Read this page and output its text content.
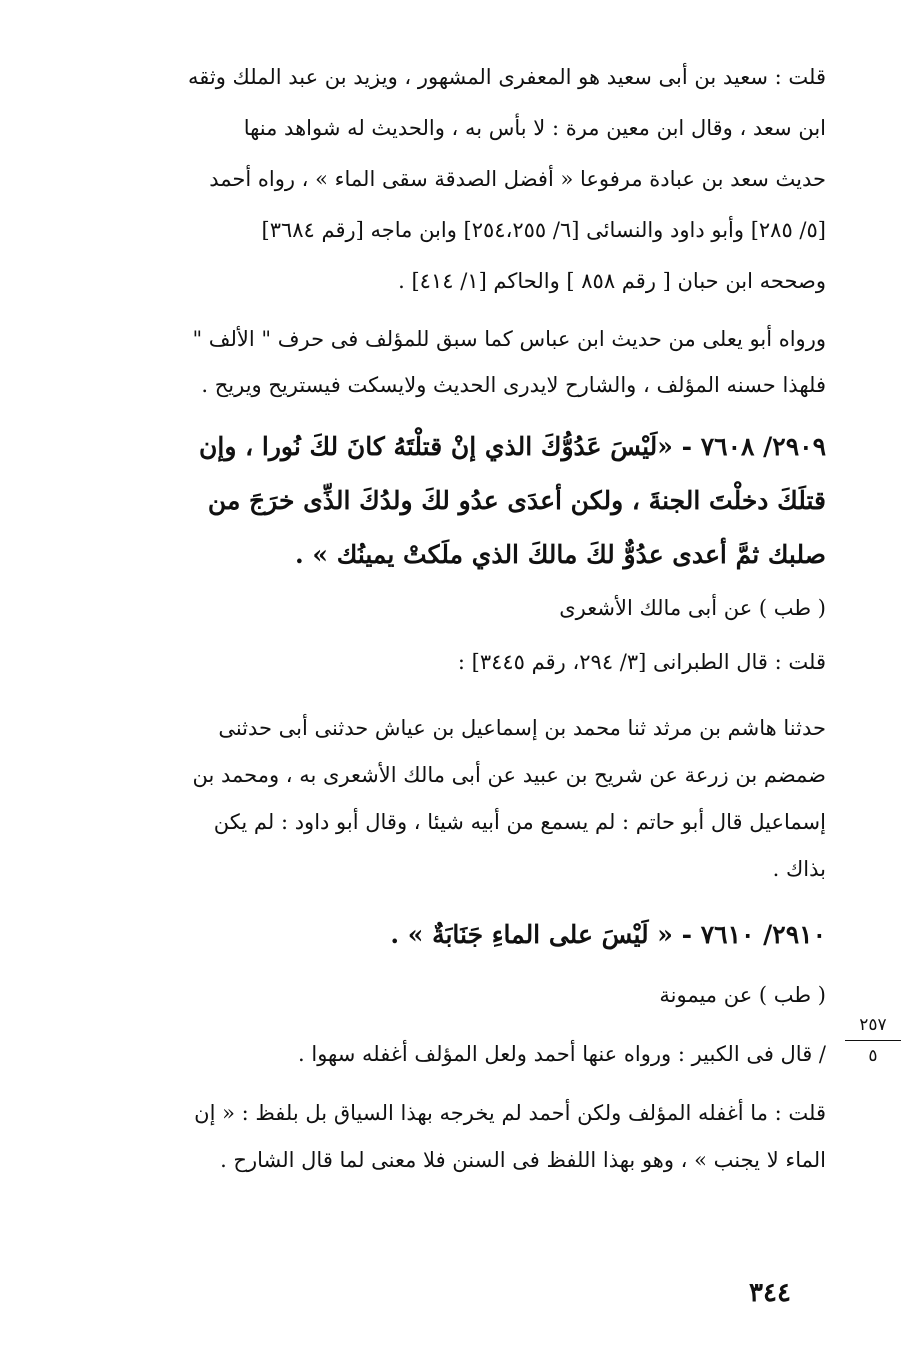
قلت : سعيد بن أبى سعيد هو المعفرى المشهور ، ويزيد بن عبد الملك وثقه
ابن سعد ، وقال ابن معين مرة : لا بأس به ، والحديث له شواهد منها
حديث سعد بن عبادة مرفوعا « أفضل الصدقة سقى الماء » ، رواه أحمد
[٥/ ٢٨٥] وأبو داود والنسائى [٦/ ٢٥٤،٢٥٥] وابن ماجه [رقم ٣٦٨٤]
وصححه ابن حبان [ رقم ٨٥٨ ] والحاكم [١/ ٤١٤] .
ورواه أبو يعلى من حديث ابن عباس كما سبق للمؤلف فى حرف " الألف "
فلهذا حسنه المؤلف ، والشارح لايدرى الحديث ولايسكت فيستريح ويريح .
٢٩٠٩/ ٧٦٠٨ - «لَيْسَ عَدُوُّكَ الذي إنْ قتلْتَهُ كانَ لكَ نُورا ، وإن
قتلَكَ دخلْتَ الجنةَ ، ولكن أعدَى عدُو لكَ ولدُكَ الذِّى خرَجَ من
صلبك ثمَّ أعدى عدُوٌّ لكَ مالكَ الذي ملَكتْ يمينُك » .
( طب ) عن أبى مالك الأشعرى
قلت : قال الطبرانى [٣/ ٢٩٤، رقم ٣٤٤٥] :
حدثنا هاشم بن مرثد ثنا محمد بن إسماعيل بن عياش حدثنى أبى حدثنى
ضمضم بن زرعة عن شريح بن عبيد عن أبى مالك الأشعرى به ، ومحمد بن
إسماعيل قال أبو حاتم : لم يسمع من أبيه شيئا ، وقال أبو داود : لم يكن
بذاك .
٢٩١٠/ ٧٦١٠ - « لَيْسَ على الماءِ جَنَابَةٌ » .
( طب ) عن ميمونة
/ قال فى الكبير : ورواه عنها أحمد ولعل المؤلف أغفله سهوا .
٢٥٧
٥
قلت : ما أغفله المؤلف ولكن أحمد لم يخرجه بهذا السياق بل بلفظ : « إن
الماء لا يجنب » ، وهو بهذا اللفظ فى السنن فلا معنى لما قال الشارح .
٣٤٤
